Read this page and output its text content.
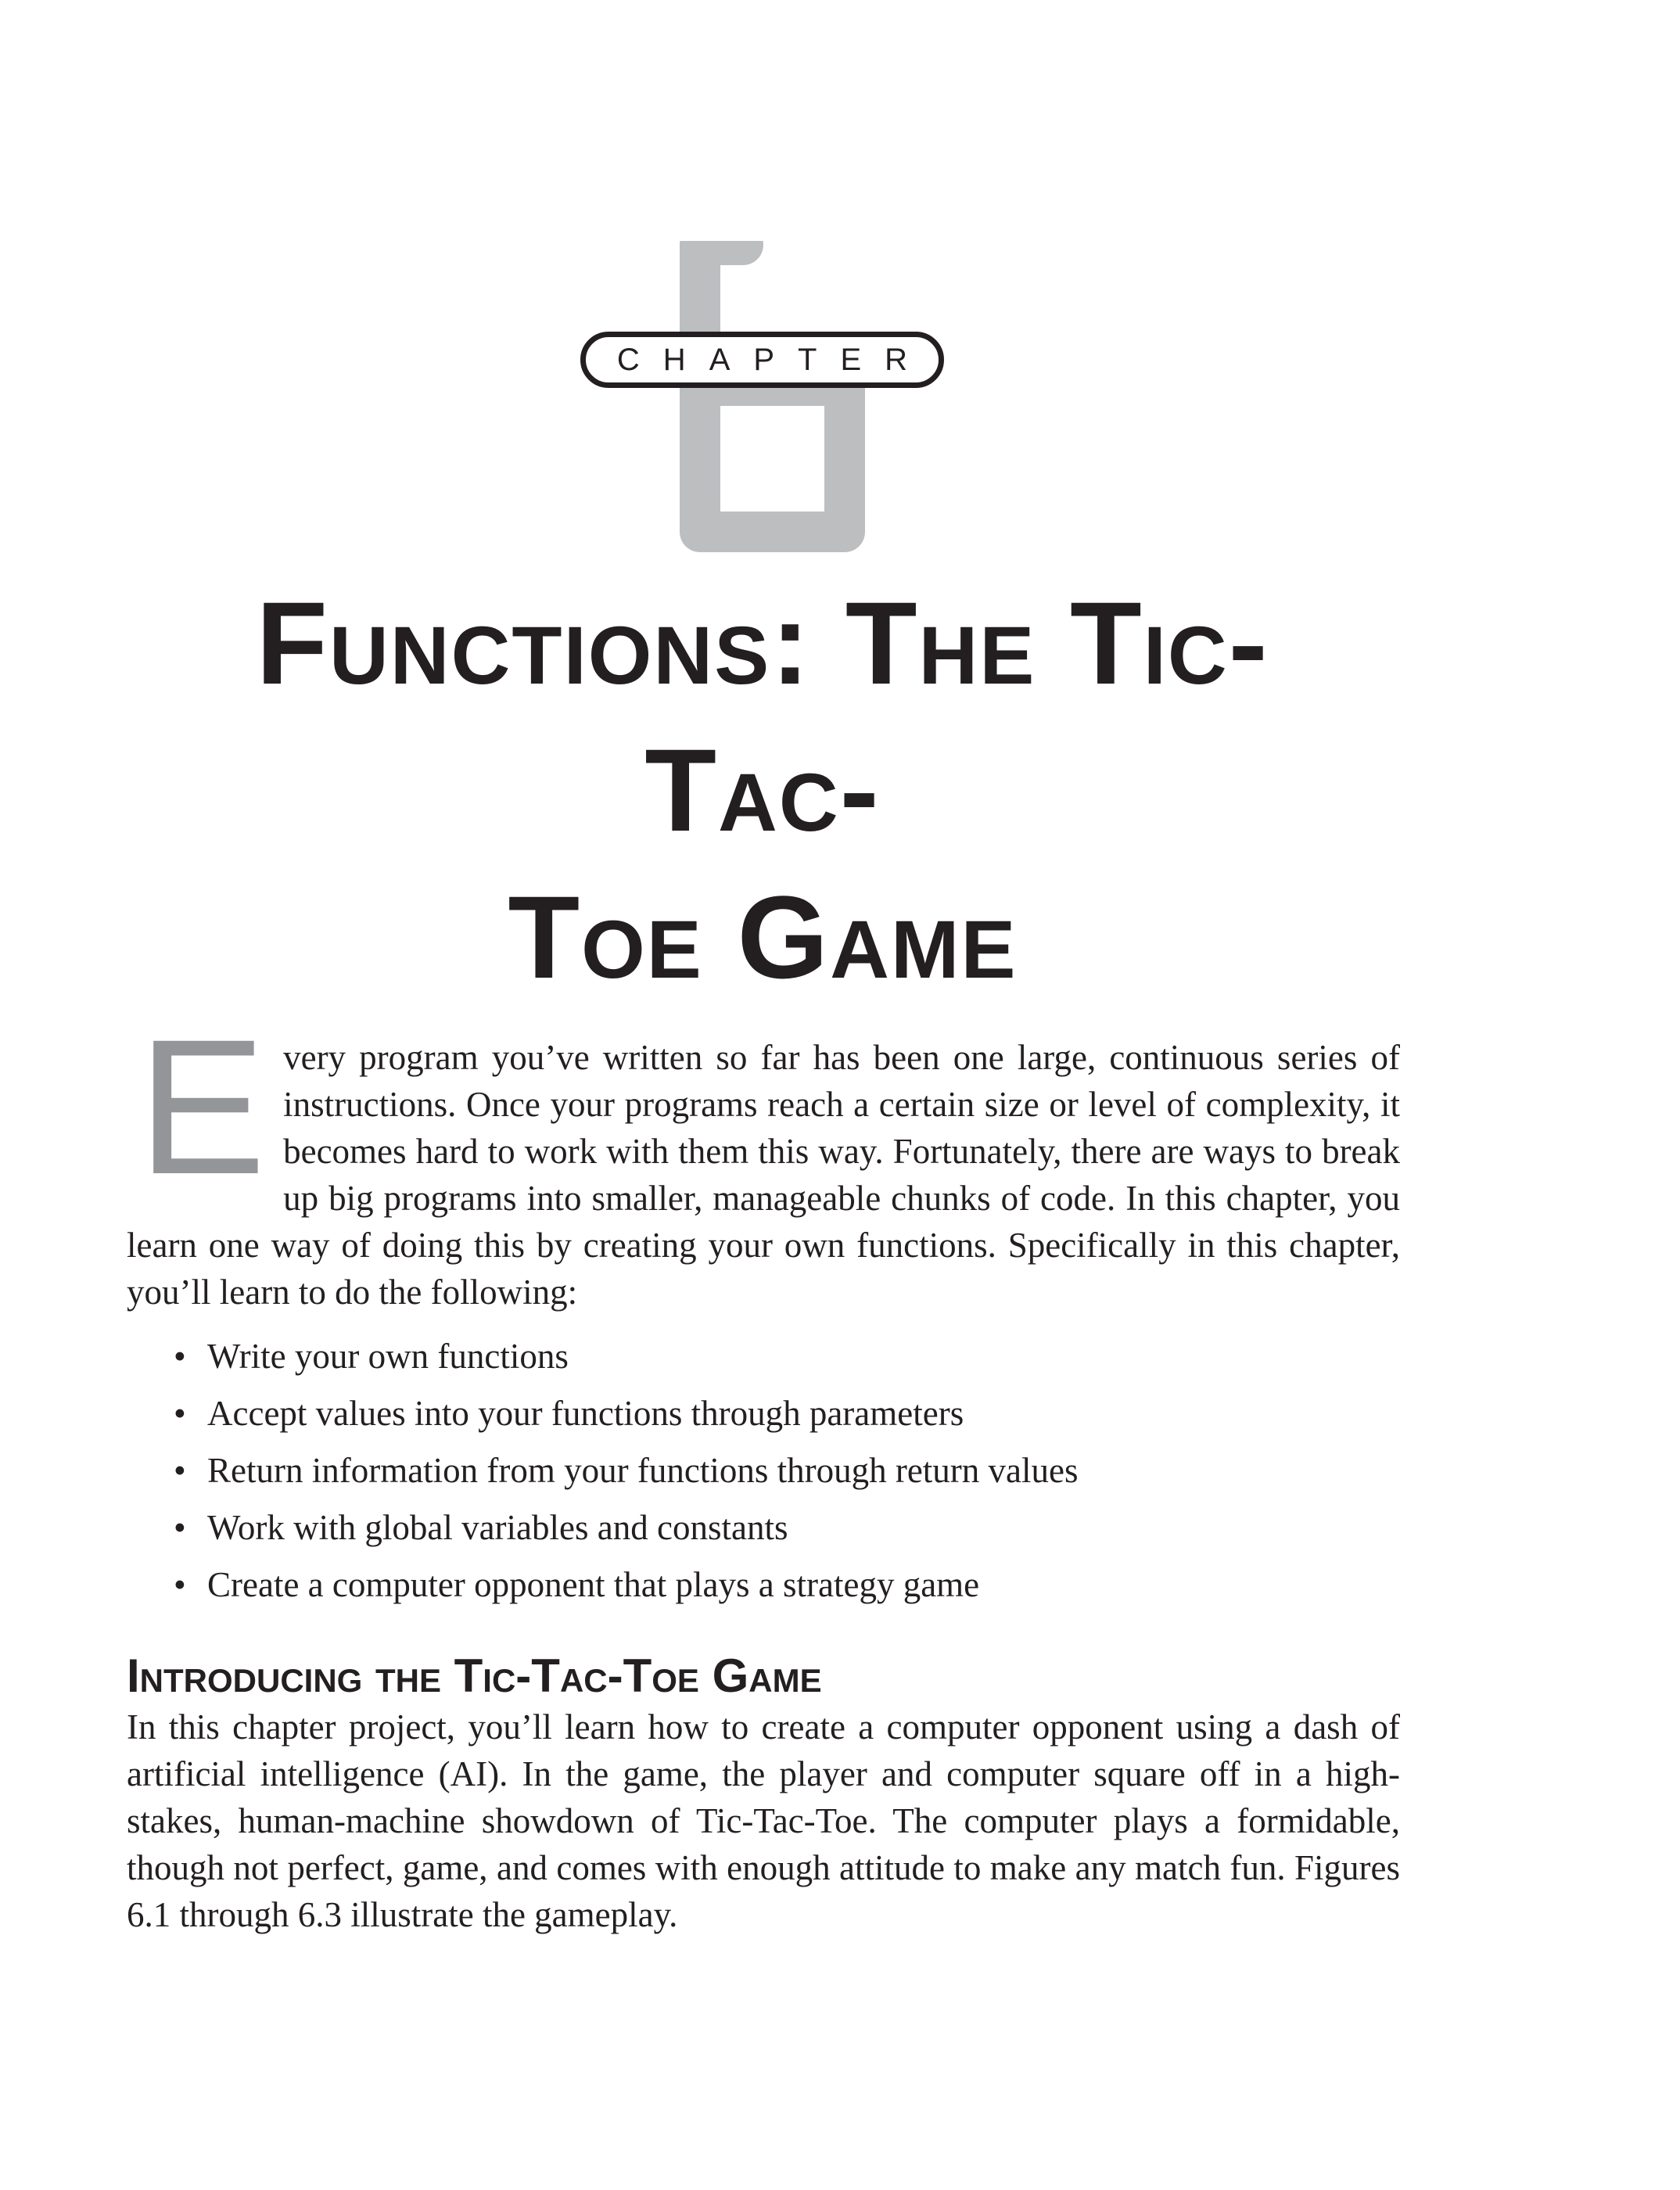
CHAPTER
Functions: The Tic-Tac-
Toe Game

Every program you’ve written so far has been one large, continuous series of instructions. Once your programs reach a certain size or level of complexity, it becomes hard to work with them this way. Fortunately, there are ways to break up big programs into smaller, manageable chunks of code. In this chapter, you learn one way of doing this by creating your own functions. Specifically in this chapter, you’ll learn to do the following:

• Write your own functions
• Accept values into your functions through parameters
• Return information from your functions through return values
• Work with global variables and constants
• Create a computer opponent that plays a strategy game
Introducing the Tic-Tac-Toe Game

In this chapter project, you’ll learn how to create a computer opponent using a dash of artificial intelligence (AI). In the game, the player and computer square off in a high-stakes, human-machine showdown of Tic-Tac-Toe. The computer plays a formidable, though not perfect, game, and comes with enough attitude to make any match fun. Figures 6.1 through 6.3 illustrate the gameplay.
